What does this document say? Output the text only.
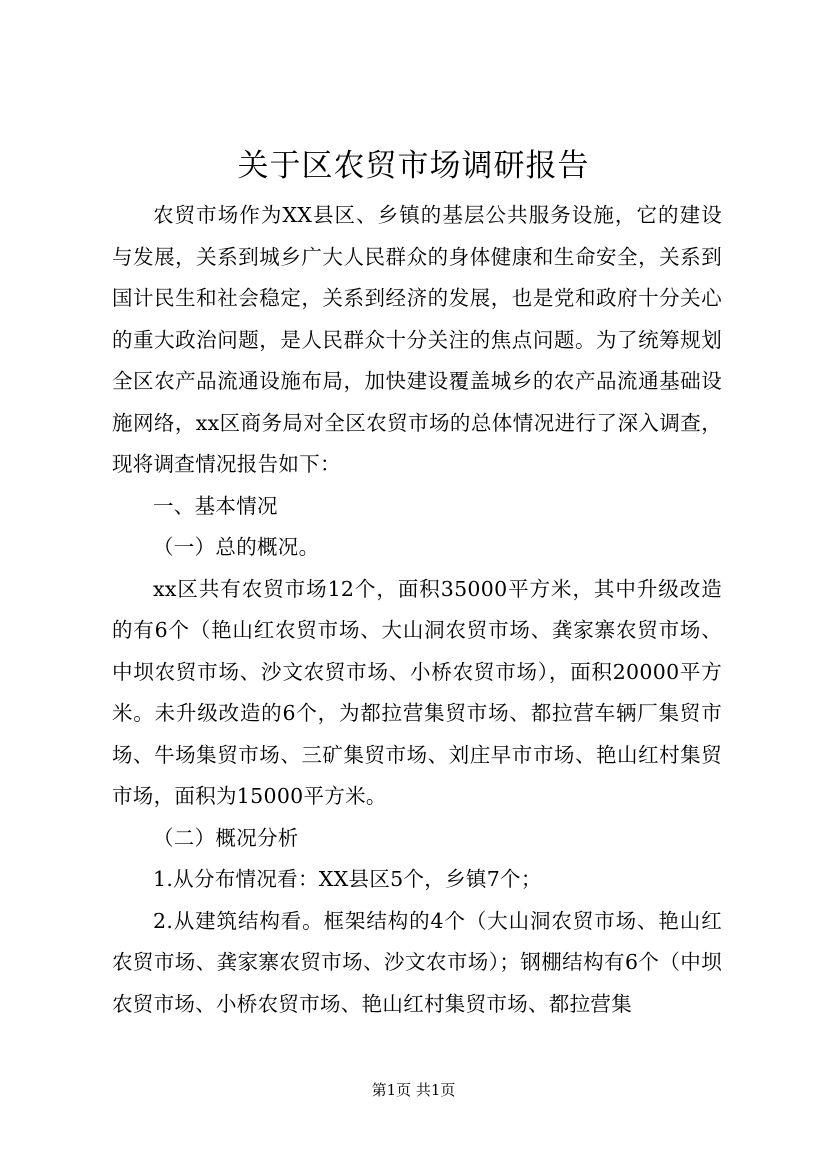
关于区农贸市场调研报告

农贸市场作为XX县区、乡镇的基层公共服务设施，它的建设与发展，关系到城乡广大人民群众的身体健康和生命安全，关系到国计民生和社会稳定，关系到经济的发展，也是党和政府十分关心的重大政治问题，是人民群众十分关注的焦点问题。为了统筹规划全区农产品流通设施布局，加快建设覆盖城乡的农产品流通基础设施网络，xx区商务局对全区农贸市场的总体情况进行了深入调查，现将调查情况报告如下：

一、基本情况

（一）总的概况。

xx区共有农贸市场12个，面积35000平方米，其中升级改造的有6个（艳山红农贸市场、大山洞农贸市场、龚家寨农贸市场、中坝农贸市场、沙文农贸市场、小桥农贸市场），面积20000平方米。未升级改造的6个，为都拉营集贸市场、都拉营车辆厂集贸市场、牛场集贸市场、三矿集贸市场、刘庄早市市场、艳山红村集贸市场，面积为15000平方米。

（二）概况分析

1.从分布情况看：XX县区5个，乡镇7个；

2.从建筑结构看。框架结构的4个（大山洞农贸市场、艳山红农贸市场、龚家寨农贸市场、沙文农市场）；钢棚结构有6个（中坝农贸市场、小桥农贸市场、艳山红村集贸市场、都拉营集

第1页 共1页
